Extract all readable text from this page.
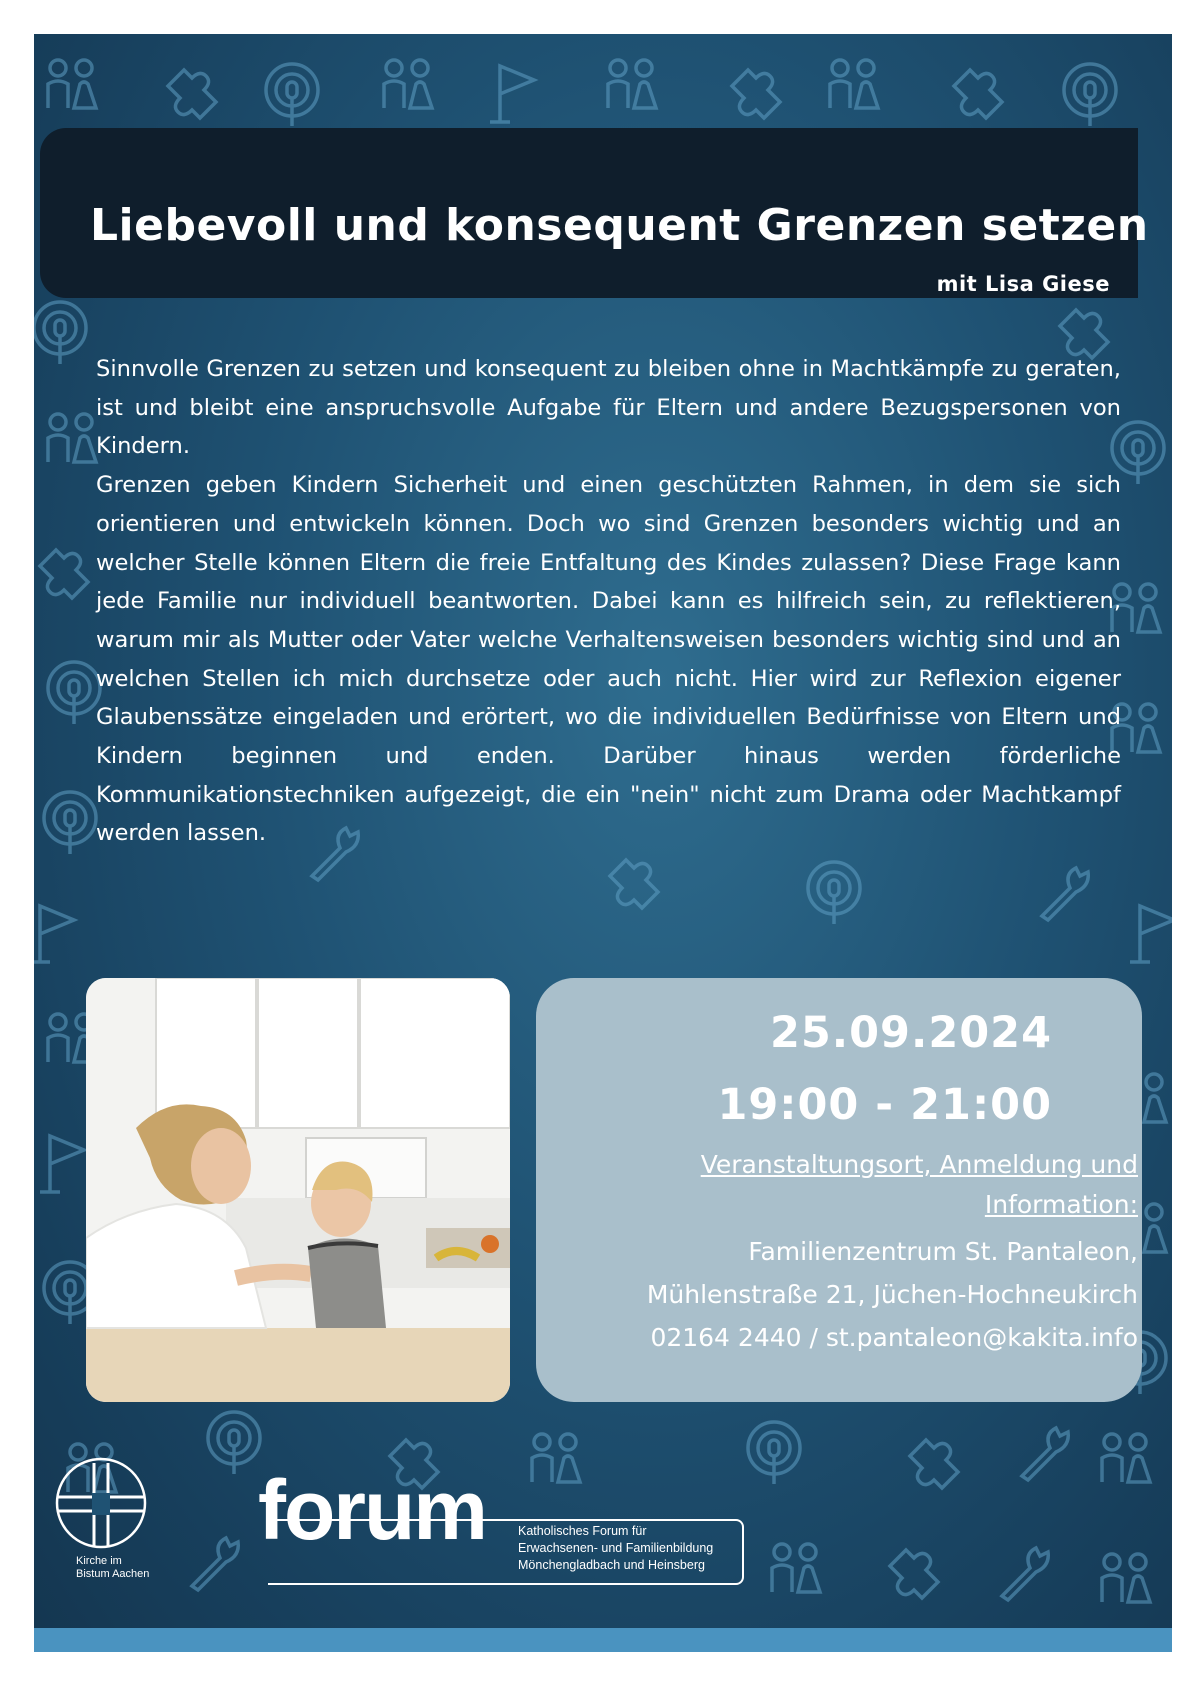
Liebevoll und konsequent Grenzen setzen

mit Lisa Giese

Sinnvolle Grenzen zu setzen und konsequent zu bleiben ohne in Machtkämpfe zu geraten, ist und bleibt eine anspruchsvolle Aufgabe für Eltern und andere Bezugspersonen von Kindern.

Grenzen geben Kindern Sicherheit und einen geschützten Rahmen, in dem sie sich orientieren und entwickeln können. Doch wo sind Grenzen besonders wichtig und an welcher Stelle können Eltern die freie Entfaltung des Kindes zulassen? Diese Frage kann jede Familie nur individuell beantworten. Dabei kann es hilfreich sein, zu reflektieren, warum mir als Mutter oder Vater welche Verhaltensweisen besonders wichtig sind und an welchen Stellen ich mich durchsetze oder auch nicht. Hier wird zur Reflexion eigener Glaubenssätze eingeladen und erörtert, wo die individuellen Bedürfnisse von Eltern und Kindern beginnen und enden. Darüber hinaus werden förderliche Kommunikationstechniken aufgezeigt, die ein "nein" nicht zum Drama oder Machtkampf werden lassen.

25.09.2024

19:00 - 21:00

Veranstaltungsort, Anmeldung und
Information:
Familienzentrum St. Pantaleon,
Mühlenstraße 21, Jüchen-Hochneukirch
02164 2440 / st.pantaleon@kakita.info
Kirche im
Bistum Aachen
forum	Katholisches Forum für
Erwachsenen- und Familienbildung
Mönchengladbach und Heinsberg
